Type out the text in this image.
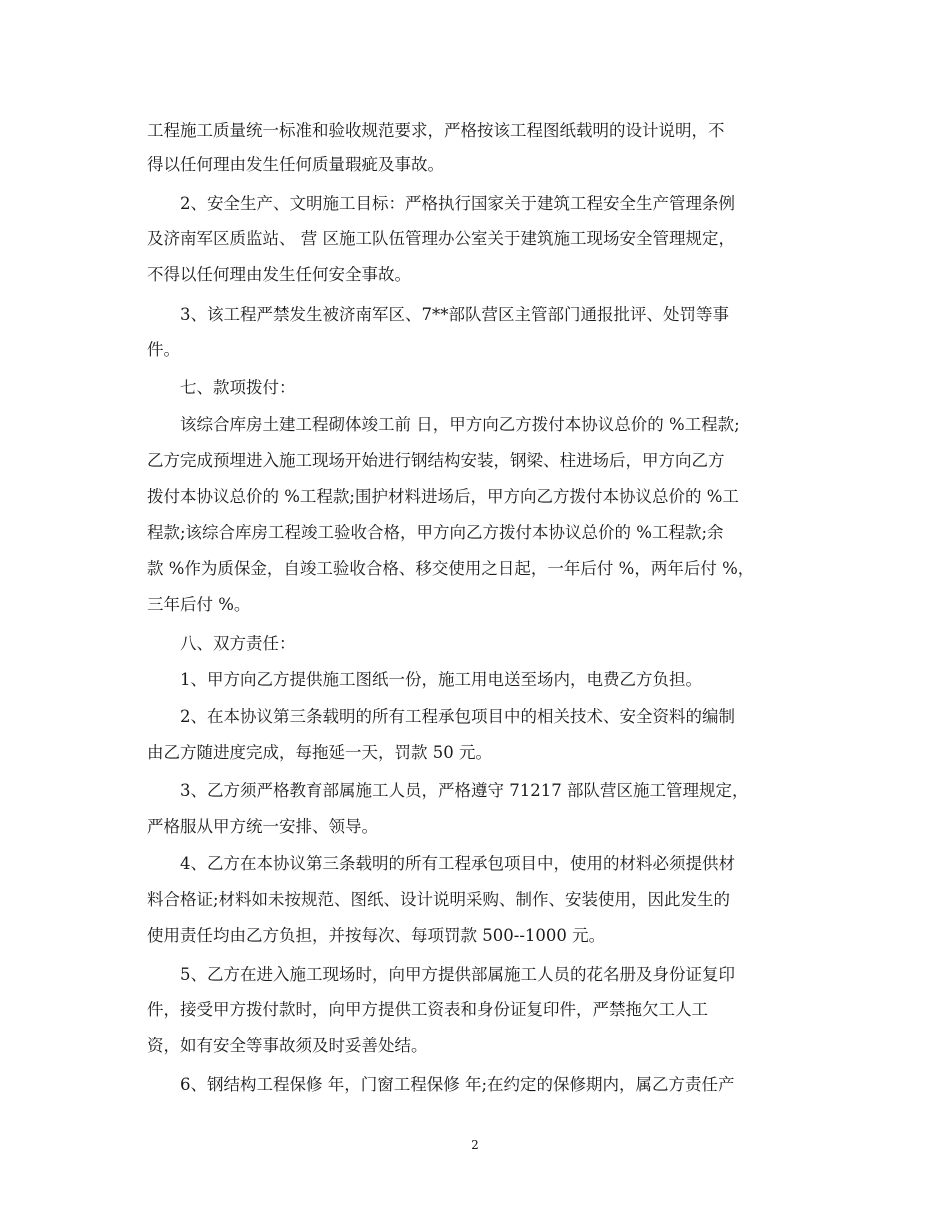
工程施工质量统一标准和验收规范要求，严格按该工程图纸载明的设计说明，不
得以任何理由发生任何质量瑕疵及事故。
2、安全生产、文明施工目标：严格执行国家关于建筑工程安全生产管理条例
及济南军区质监站、 营 区施工队伍管理办公室关于建筑施工现场安全管理规定，
不得以任何理由发生任何安全事故。
3、该工程严禁发生被济南军区、7**部队营区主管部门通报批评、处罚等事
件。
七、款项拨付：
该综合库房土建工程砌体竣工前 日，甲方向乙方拨付本协议总价的 %工程款;
乙方完成预埋进入施工现场开始进行钢结构安装，钢梁、柱进场后，甲方向乙方
拨付本协议总价的 %工程款;围护材料进场后，甲方向乙方拨付本协议总价的 %工
程款;该综合库房工程竣工验收合格，甲方向乙方拨付本协议总价的 %工程款;余
款 %作为质保金，自竣工验收合格、移交使用之日起，一年后付 %，两年后付 %，
三年后付 %。
八、双方责任：
1、甲方向乙方提供施工图纸一份，施工用电送至场内，电费乙方负担。
2、在本协议第三条载明的所有工程承包项目中的相关技术、安全资料的编制
由乙方随进度完成，每拖延一天，罚款 50 元。
3、乙方须严格教育部属施工人员，严格遵守 71217 部队营区施工管理规定，
严格服从甲方统一安排、领导。
4、乙方在本协议第三条载明的所有工程承包项目中，使用的材料必须提供材
料合格证;材料如未按规范、图纸、设计说明采购、制作、安装使用，因此发生的
使用责任均由乙方负担，并按每次、每项罚款 500--1000 元。
5、乙方在进入施工现场时，向甲方提供部属施工人员的花名册及身份证复印
件，接受甲方拨付款时，向甲方提供工资表和身份证复印件，严禁拖欠工人工
资，如有安全等事故须及时妥善处结。
6、钢结构工程保修 年，门窗工程保修 年;在约定的保修期内，属乙方责任产
2
